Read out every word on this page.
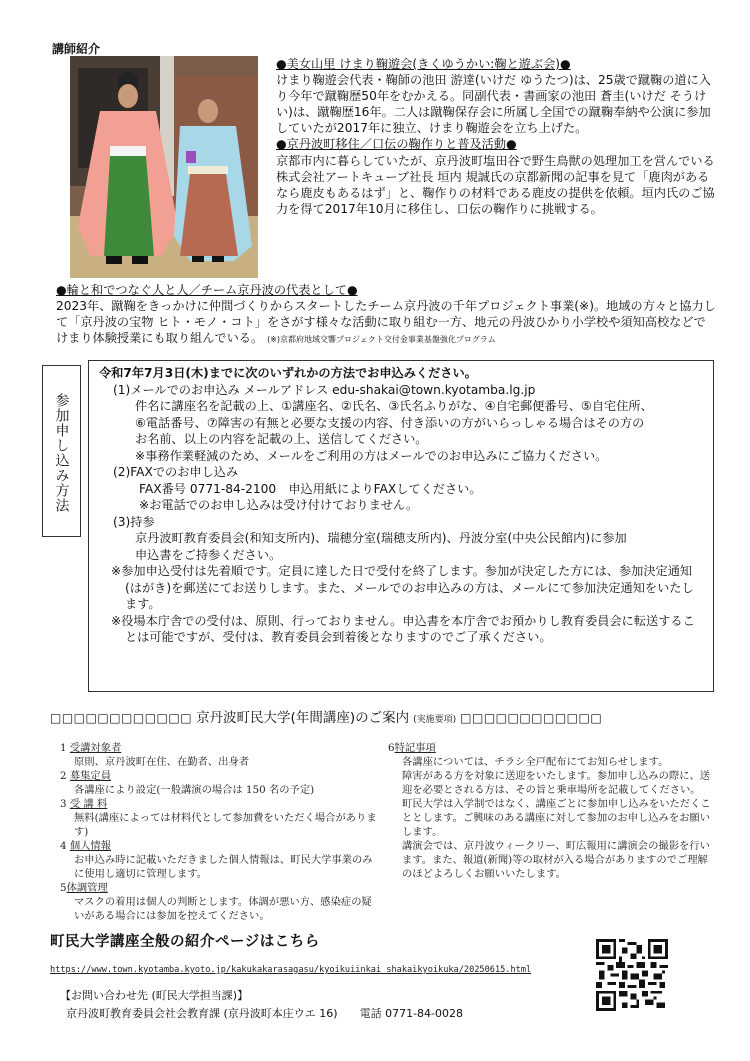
講師紹介

●美女山里 けまり鞠遊会(きくゆうかい:鞠と遊ぶ会)●

けまり鞠遊会代表・鞠師の池田 游達(いけだ ゆうたつ)は、25歳で蹴鞠の道に入り今年で蹴鞠歴50年をむかえる。同副代表・書画家の池田 蒼圭(いけだ そうけい)は、蹴鞠歴16年。二人は蹴鞠保存会に所属し全国での蹴鞠奉納や公演に参加していたが2017年に独立、けまり鞠遊会を立ち上げた。

●京丹波町移住／口伝の鞠作りと普及活動●

京都市内に暮らしていたが、京丹波町塩田谷で野生鳥獣の処理加工を営んでいる株式会社アートキューブ社長 垣内 規誠氏の京都新聞の記事を見て「鹿肉があるなら鹿皮もあるはず」と、鞠作りの材料である鹿皮の提供を依頼。垣内氏のご協力を得て2017年10月に移住し、口伝の鞠作りに挑戦する。

●輪と和でつなぐ人と人／チーム京丹波の代表として●

2023年、蹴鞠をきっかけに仲間づくりからスタートしたチーム京丹波の千年プロジェクト事業(※)。地域の方々と協力して「京丹波の宝物 ヒト・モノ・コト」をさがす様々な活動に取り組む一方、地元の丹波ひかり小学校や須知高校などでけまり体験授業にも取り組んでいる。 (※)京都府地域交響プロジェクト交付金事業基盤強化プログラム

参加申し込み方法
令和7年7月3日(木)までに次のいずれかの方法でお申込みください。
(1)メールでのお申込み メールアドレス edu-shakai@town.kyotamba.lg.jp
件名に講座名を記載の上、①講座名、②氏名、③氏名ふりがな、④自宅郵便番号、⑤自宅住所、
⑥電話番号、⑦障害の有無と必要な支援の内容、付き添いの方がいらっしゃる場合はその方の
お名前、以上の内容を記載の上、送信してください。
※事務作業軽減のため、メールをご利用の方はメールでのお申込みにご協力ください。
(2)FAXでのお申し込み
FAX番号 0771-84-2100　申込用紙によりFAXしてください。
※お電話でのお申し込みは受け付けておりません。
(3)持参
京丹波町教育委員会(和知支所内)、瑞穂分室(瑞穂支所内)、丹波分室(中央公民館内)に参加
申込書をご持参ください。
※参加申込受付は先着順です。定員に達した日で受付を終了します。参加が決定した方には、参加決定通知(はがき)を郵送にてお送りします。また、メールでのお申込みの方は、メールにて参加決定通知をいたします。
※役場本庁舎での受付は、原則、行っておりません。申込書を本庁舎でお預かりし教育委員会に転送することは可能ですが、受付は、教育委員会到着後となりますのでご了承ください。
□□□□□□□□□□□□ 京丹波町民大学(年間講座)のご案内 (実施要項) □□□□□□□□□□□□
1 受講対象者
原則、京丹波町在住、在勤者、出身者
2 募集定員
各講座により設定(一般講演の場合は 150 名の予定)
3 受 講 料
無料(講座によっては材料代として参加費をいただく場合があります)
4 個人情報
お申込み時に記載いただきました個人情報は、町民大学事業のみに使用し適切に管理します。
5体調管理
マスクの着用は個人の判断とします。体調が悪い方、感染症の疑いがある場合には参加を控えてください。
6特記事項
各講座については、チラシ全戸配布にてお知らせします。
障害がある方を対象に送迎をいたします。参加申し込みの際に、送迎を必要とされる方は、その旨と乗車場所を記載してください。
町民大学は入学制ではなく、講座ごとに参加申し込みをいただくこととします。ご興味のある講座に対して参加のお申し込みをお願いします。
講演会では、京丹波ウィークリー、町広報用に講演会の撮影を行います。また、報道(新聞)等の取材が入る場合がありますのでご理解のほどよろしくお願いいたします。
町民大学講座全般の紹介ページはこちら
https://www.town.kyotamba.kyoto.jp/kakukakarasagasu/kyoikuiinkai_shakaikyoikuka/20250615.html
【お問い合わせ先 (町民大学担当課)】
京丹波町教育委員会社会教育課 (京丹波町本庄ウエ 16) 電話 0771-84-0028
